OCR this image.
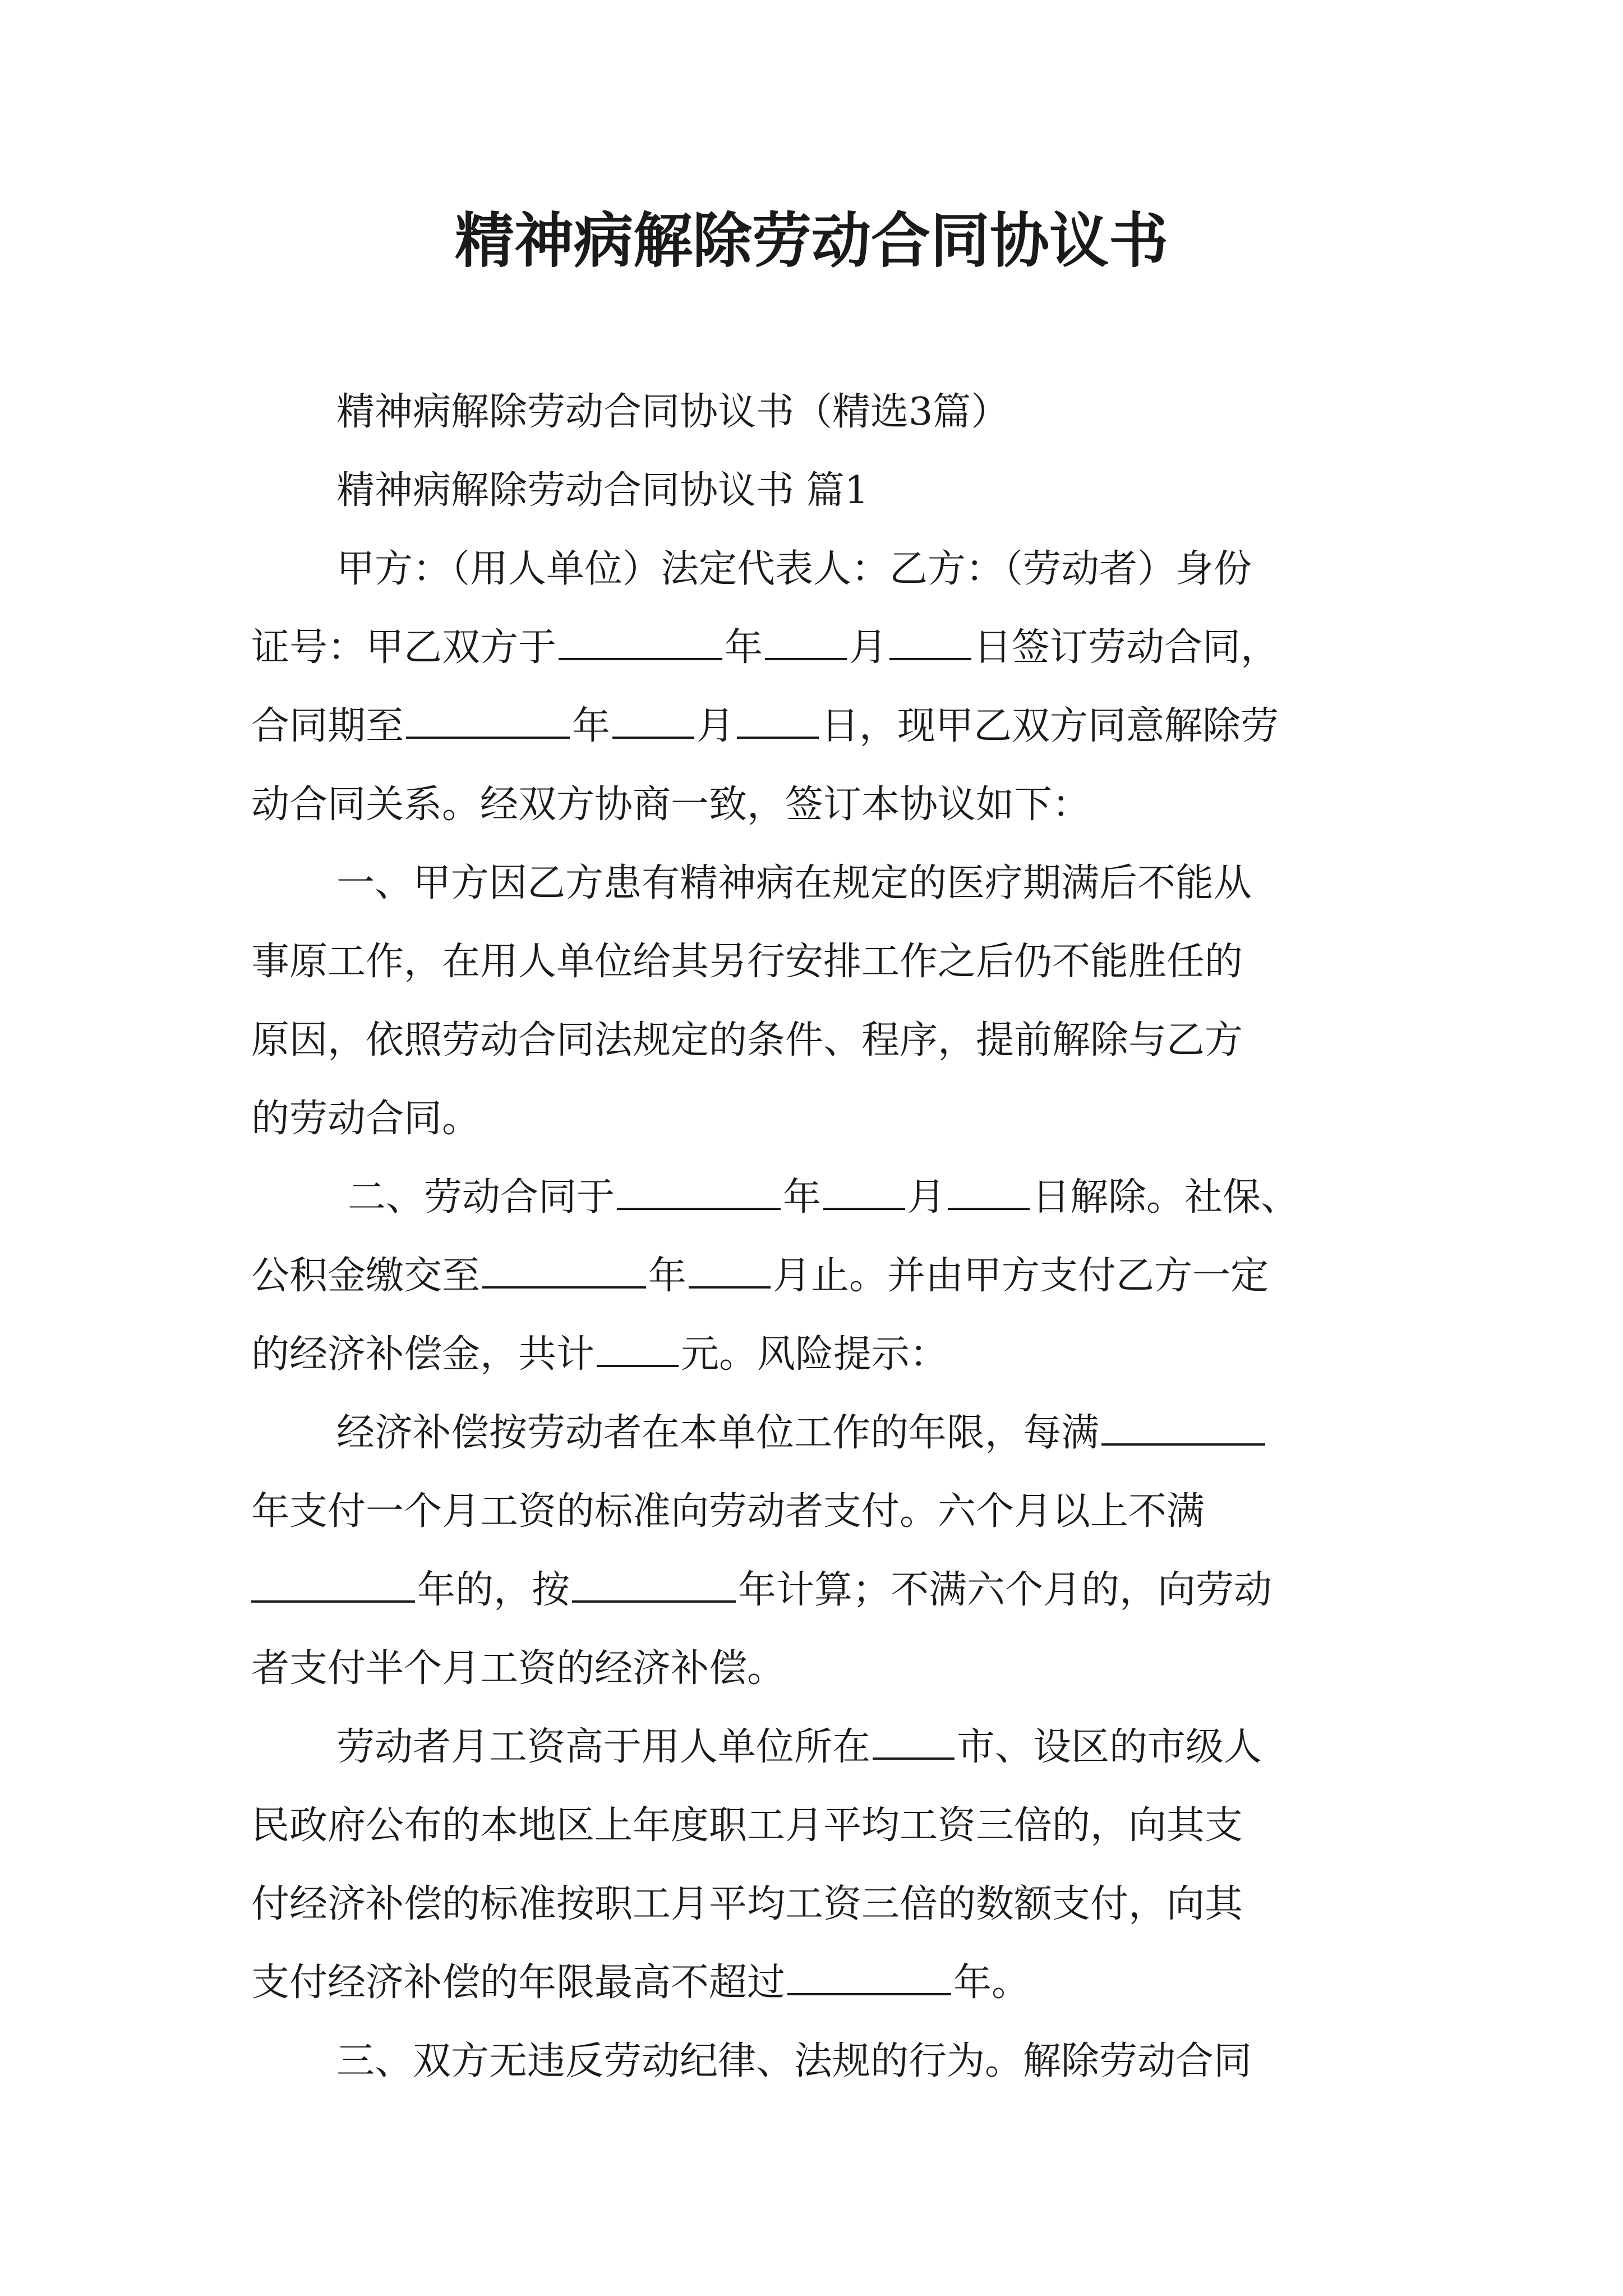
精神病解除劳动合同协议书
精神病解除劳动合同协议书（精选3篇）
精神病解除劳动合同协议书 篇1
甲方：（用人单位）法定代表人：乙方：（劳动者）身份
证号：甲乙双方于	年 月 日签订劳动合同，
合同期至	年 月 日，现甲乙双方同意解除劳
动合同关系。经双方协商一致，签订本协议如下：
一、甲方因乙方患有精神病在规定的医疗期满后不能从
事原工作，在用人单位给其另行安排工作之后仍不能胜任的
原因，依照劳动合同法规定的条件、程序，提前解除与乙方
的劳动合同。
二、劳动合同于	年 月 日解除。社保、
公积金缴交至	年 月止。并由甲方支付乙方一定
的经济补偿金，共计 元。风险提示：
经济补偿按劳动者在本单位工作的年限，每满
年支付一个月工资的标准向劳动者支付。六个月以上不满
年的，按	年计算；不满六个月的，向劳动
者支付半个月工资的经济补偿。
劳动者月工资高于用人单位所在 市、设区的市级人
民政府公布的本地区上年度职工月平均工资三倍的，向其支
付经济补偿的标准按职工月平均工资三倍的数额支付，向其
支付经济补偿的年限最高不超过	年。
三、双方无违反劳动纪律、法规的行为。解除劳动合同
